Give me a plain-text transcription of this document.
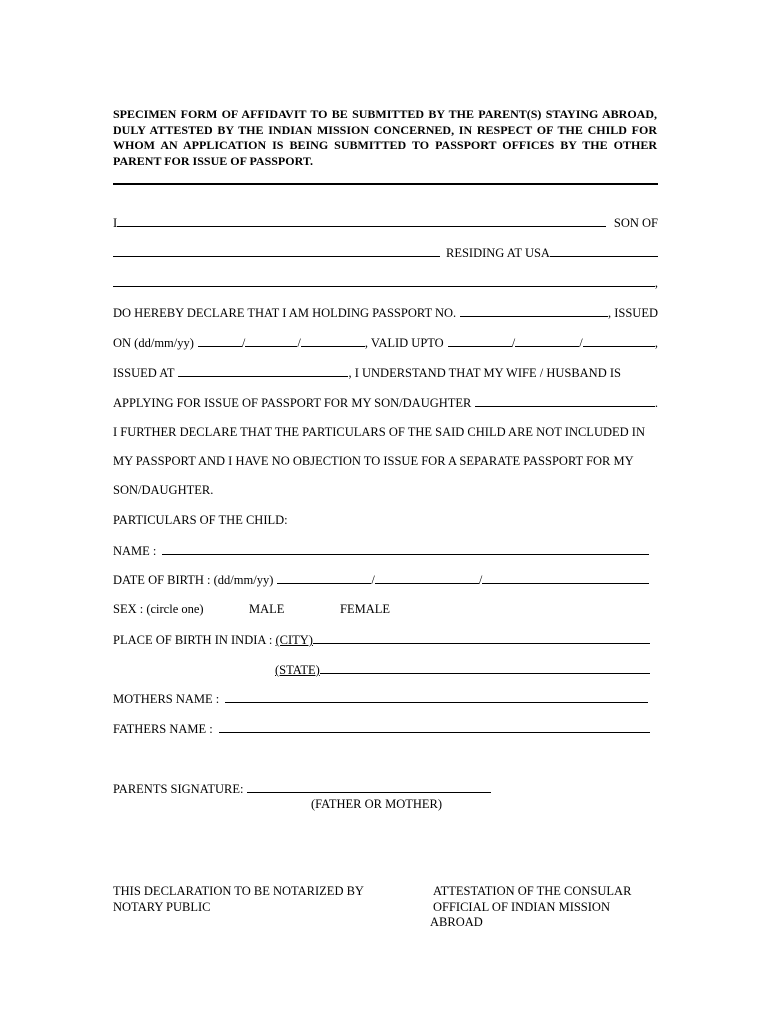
SPECIMEN FORM OF AFFIDAVIT TO BE SUBMITTED BY THE PARENT(S) STAYING ABROAD, DULY ATTESTED BY THE INDIAN MISSION CONCERNED, IN RESPECT OF THE CHILD FOR WHOM AN APPLICATION IS BEING SUBMITTED TO PASSPORT OFFICES BY THE OTHER PARENT FOR ISSUE OF PASSPORT.
I	SON OF
RESIDING AT USA
,
DO HEREBY DECLARE THAT I AM HOLDING PASSPORT NO.	, ISSUED
ON (dd/mm/yy)	/	/	, VALID UPTO	/	/	,
ISSUED AT	, I UNDERSTAND THAT MY WIFE / HUSBAND IS
APPLYING FOR ISSUE OF PASSPORT FOR MY SON/DAUGHTER	.
I FURTHER DECLARE THAT THE PARTICULARS OF THE SAID CHILD ARE NOT INCLUDED IN
MY PASSPORT AND I HAVE NO OBJECTION TO ISSUE FOR A SEPARATE PASSPORT FOR MY
SON/DAUGHTER.
PARTICULARS OF THE CHILD:
NAME :
DATE OF BIRTH : (dd/mm/yy)	/	/
SEX : (circle one)	MALE	FEMALE
PLACE OF BIRTH IN INDIA : (CITY)
(STATE)
MOTHERS NAME :
FATHERS NAME :
PARENTS SIGNATURE:
(FATHER OR MOTHER)
THIS DECLARATION TO BE NOTARIZED BY
NOTARY PUBLIC
ATTESTATION OF THE CONSULAR
OFFICIAL OF INDIAN MISSION
ABROAD
